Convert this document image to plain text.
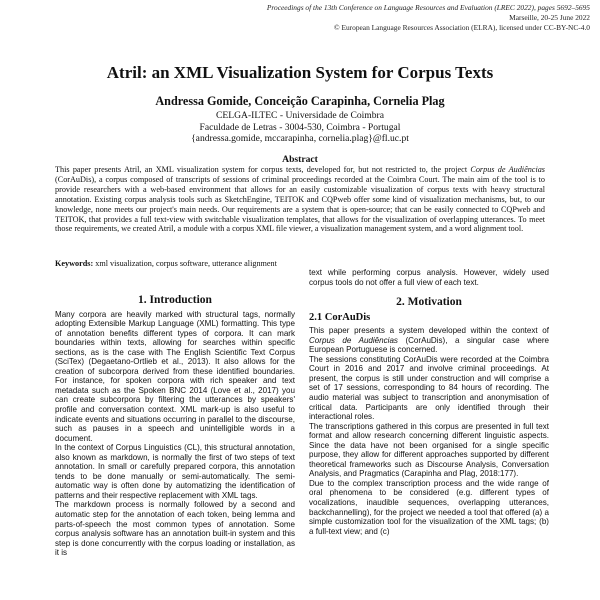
Proceedings of the 13th Conference on Language Resources and Evaluation (LREC 2022), pages 5692–5695
Marseille, 20-25 June 2022
© European Language Resources Association (ELRA), licensed under CC-BY-NC-4.0
Atril: an XML Visualization System for Corpus Texts
Andressa Gomide, Conceição Carapinha, Cornelia Plag
CELGA-ILTEC - Universidade de Coimbra
Faculdade de Letras - 3004-530, Coimbra - Portugal
{andressa.gomide, mccarapinha, cornelia.plag}@fl.uc.pt
Abstract
This paper presents Atril, an XML visualization system for corpus texts, developed for, but not restricted to, the project Corpus de Audiências (CorAuDis), a corpus composed of transcripts of sessions of criminal proceedings recorded at the Coimbra Court. The main aim of the tool is to provide researchers with a web-based environment that allows for an easily customizable visualization of corpus texts with heavy structural annotation. Existing corpus analysis tools such as SketchEngine, TEITOK and CQPweb offer some kind of visualization mechanisms, but, to our knowledge, none meets our project's main needs. Our requirements are a system that is open-source; that can be easily connected to CQPweb and TEITOK, that provides a full text-view with switchable visualization templates, that allows for the visualization of overlapping utterances. To meet those requirements, we created Atril, a module with a corpus XML file viewer, a visualization management system, and a word alignment tool.
Keywords: xml visualization, corpus software, utterance alignment

1. Introduction

Many corpora are heavily marked with structural tags, normally adopting Extensible Markup Language (XML) formatting. This type of annotation benefits different types of corpora. It can mark boundaries within texts, allowing for searches within specific sections, as is the case with The English Scientific Text Corpus (SciTex) (Degaetano-Ortlieb et al., 2013). It also allows for the creation of subcorpora derived from these identified boundaries. For instance, for spoken corpora with rich speaker and text metadata such as the Spoken BNC 2014 (Love et al., 2017) you can create subcorpora by filtering the utterances by speakers' profile and conversation context. XML mark-up is also useful to indicate events and situations occurring in parallel to the discourse, such as pauses in a speech and unintelligible words in a document.

In the context of Corpus Linguistics (CL), this structural annotation, also known as markdown, is normally the first of two steps of text annotation. In small or carefully prepared corpora, this annotation tends to be done manually or semi-automatically. The semi-automatic way is often done by automatizing the identification of patterns and their respective replacement with XML tags.

The markdown process is normally followed by a second and automatic step for the annotation of each token, being lemma and parts-of-speech the most common types of annotation. Some corpus analysis software has an annotation built-in system and this step is done concurrently with the corpus loading or installation, as it is

text while performing corpus analysis. However, widely used corpus tools do not offer a full view of each text.

2. Motivation

2.1 CorAuDis

This paper presents a system developed within the context of Corpus de Audiências (CorAuDis), a singular case where European Portuguese is concerned.

The sessions constituting CorAuDis were recorded at the Coimbra Court in 2016 and 2017 and involve criminal proceedings. At present, the corpus is still under construction and will comprise a set of 17 sessions, corresponding to 84 hours of recording. The audio material was subject to transcription and anonymisation of critical data. Participants are only identified through their interactional roles.

The transcriptions gathered in this corpus are presented in full text format and allow research concerning different linguistic aspects. Since the data have not been organised for a single specific purpose, they allow for different approaches supported by different theoretical frameworks such as Discourse Analysis, Conversation Analysis, and Pragmatics (Carapinha and Plag, 2018:177).

Due to the complex transcription process and the wide range of oral phenomena to be considered (e.g. different types of vocalizations, inaudible sequences, overlapping utterances, backchannelling), for the project we needed a tool that offered (a) a simple customization tool for the visualization of the XML tags; (b) a full-text view; and (c)
